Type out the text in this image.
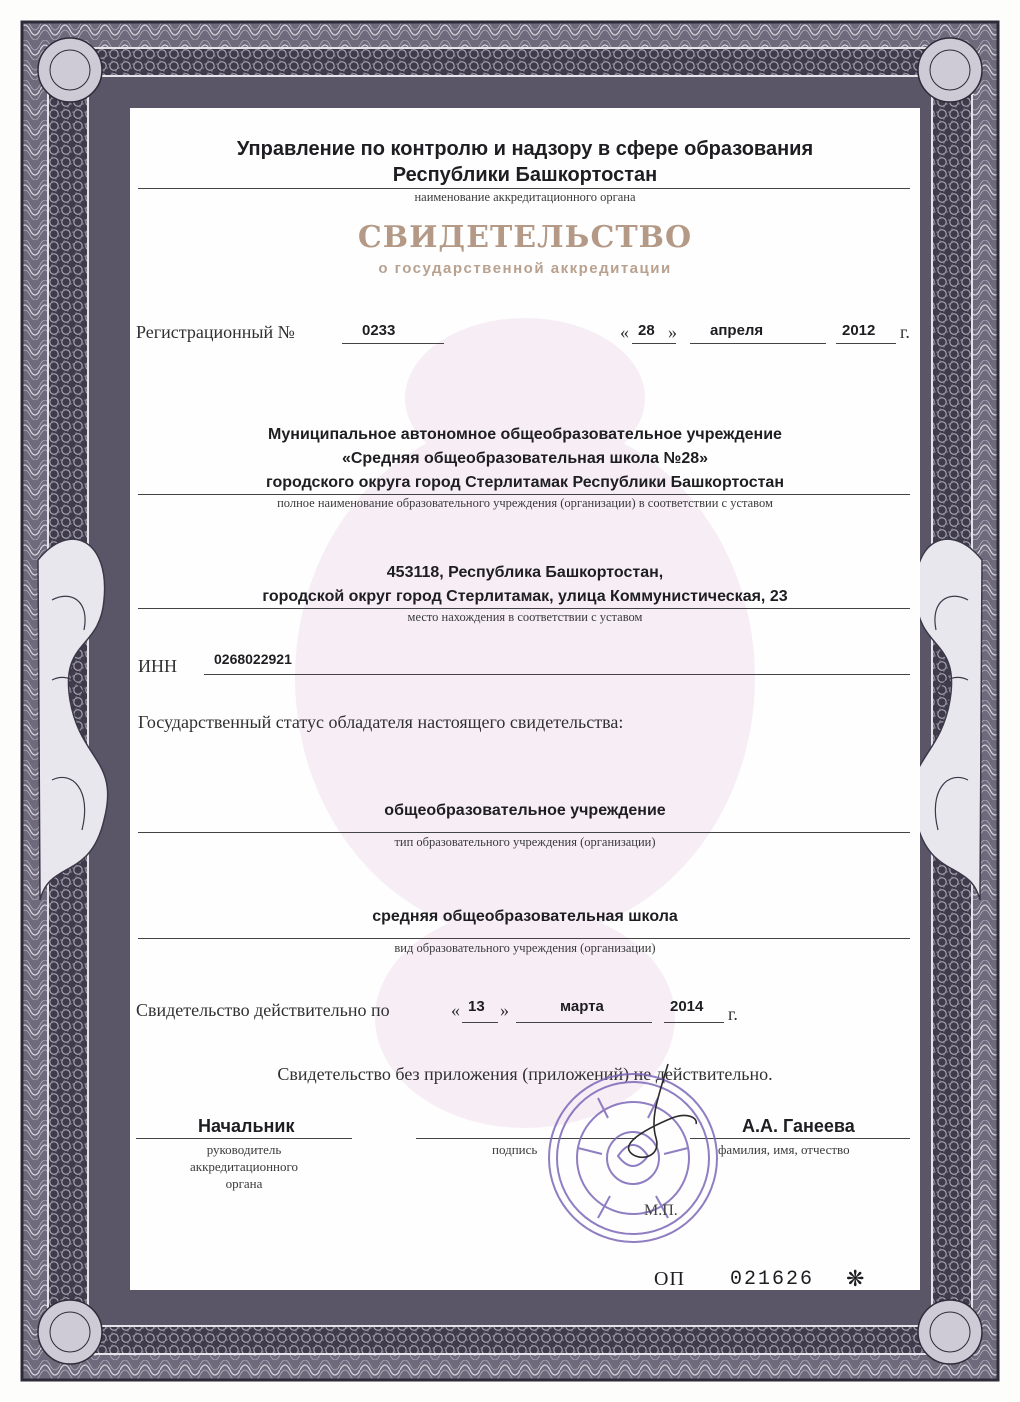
Управление по контролю и надзору в сфере образования
Республики Башкортостан
наименование аккредитационного органа
СВИДЕТЕЛЬСТВО
о государственной аккредитации
Регистрационный №	0233	« 28 » апреля	2012 г.
Муниципальное автономное общеобразовательное учреждение
«Средняя общеобразовательная школа №28»
городского округа город Стерлитамак Республики Башкортостан
полное наименование образовательного учреждения (организации) в соответствии с уставом
453118, Республика Башкортостан,
городской округ город Стерлитамак, улица Коммунистическая, 23
место нахождения в соответствии с уставом
ИНН	0268022921
Государственный статус обладателя настоящего свидетельства:
общеобразовательное учреждение
тип образовательного учреждения (организации)
средняя общеобразовательная школа
вид образовательного учреждения (организации)
Свидетельство действительно по	« 13 »	марта	2014 г.
Свидетельство без приложения (приложений) не действительно.
Начальник
руководитель
аккредитационного
органа
подпись
А.А. Ганеева
фамилия, имя, отчество
М.П.
ОП 021626 ❋
